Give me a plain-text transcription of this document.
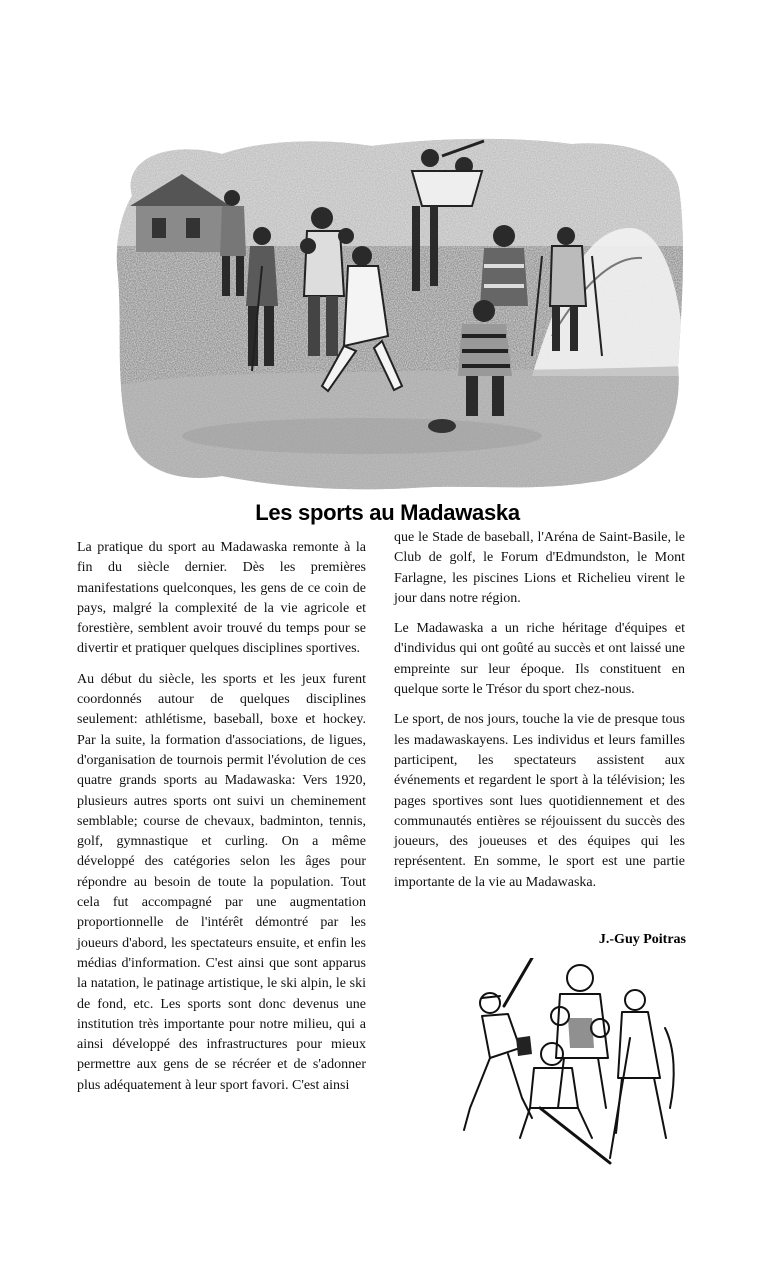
Les sports au Madawaska

La pratique du sport au Madawaska remonte à la fin du siècle dernier. Dès les premières manifestations quelconques, les gens de ce coin de pays, malgré la complexité de la vie agricole et forestière, semblent avoir trouvé du temps pour se divertir et pratiquer quelques disciplines sportives.

Au début du siècle, les sports et les jeux furent coordonnés autour de quelques disciplines seulement: athlétisme, baseball, boxe et hockey. Par la suite, la formation d'associations, de ligues, d'organisation de tournois permit l'évolution de ces quatre grands sports au Madawaska: Vers 1920, plusieurs autres sports ont suivi un cheminement semblable; course de chevaux, badminton, tennis, golf, gymnastique et curling. On a même développé des catégories selon les âges pour répondre au besoin de toute la population. Tout cela fut accompagné par une augmentation proportionnelle de l'intérêt démontré par les joueurs d'abord, les spectateurs ensuite, et enfin les médias d'information. C'est ainsi que sont apparus la natation, le patinage artistique, le ski alpin, le ski de fond, etc. Les sports sont donc devenus une institution très importante pour notre milieu, qui a ainsi développé des infrastructures pour mieux permettre aux gens de se récréer et de s'adonner plus adéquatement à leur sport favori. C'est ainsi

que le Stade de baseball, l'Aréna de Saint-Basile, le Club de golf, le Forum d'Edmundston, le Mont Farlagne, les piscines Lions et Richelieu virent le jour dans notre région.

Le Madawaska a un riche héritage d'équipes et d'individus qui ont goûté au succès et ont laissé une empreinte sur leur époque. Ils constituent en quelque sorte le Trésor du sport chez-nous.

Le sport, de nos jours, touche la vie de presque tous les madawaskayens. Les individus et leurs familles participent, les spectateurs assistent aux événements et regardent le sport à la télévision; les pages sportives sont lues quotidiennement et des communautés entières se réjouissent du succès des joueurs, des joueuses et des équipes qui les représentent. En somme, le sport est une partie importante de la vie au Madawaska.

J.-Guy Poitras
